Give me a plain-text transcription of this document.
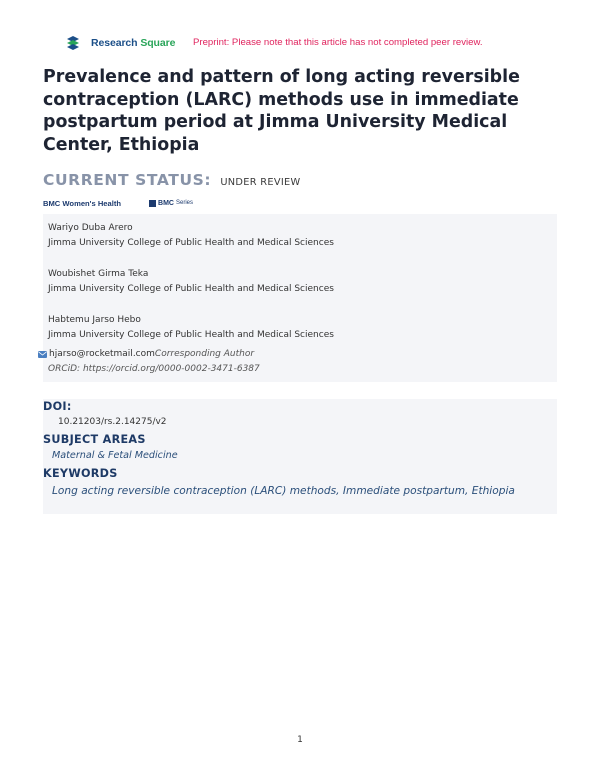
Research Square Preprint: Please note that this article has not completed peer review.
Prevalence and pattern of long acting reversible contraception (LARC) methods use in immediate postpartum period at Jimma University Medical Center, Ethiopia
CURRENT STATUS: UNDER REVIEW
BMC Women's Health	BMC Series
Wariyo Duba Arero
Jimma University College of Public Health and Medical Sciences
Woubishet Girma Teka
Jimma University College of Public Health and Medical Sciences
Habtemu Jarso Hebo
Jimma University College of Public Health and Medical Sciences
hjarso@rocketmail.com Corresponding Author
ORCiD: https://orcid.org/0000-0002-3471-6387
DOI:
10.21203/rs.2.14275/v2
SUBJECT AREAS
Maternal & Fetal Medicine
KEYWORDS
Long acting reversible contraception (LARC) methods, Immediate postpartum, Ethiopia
1
